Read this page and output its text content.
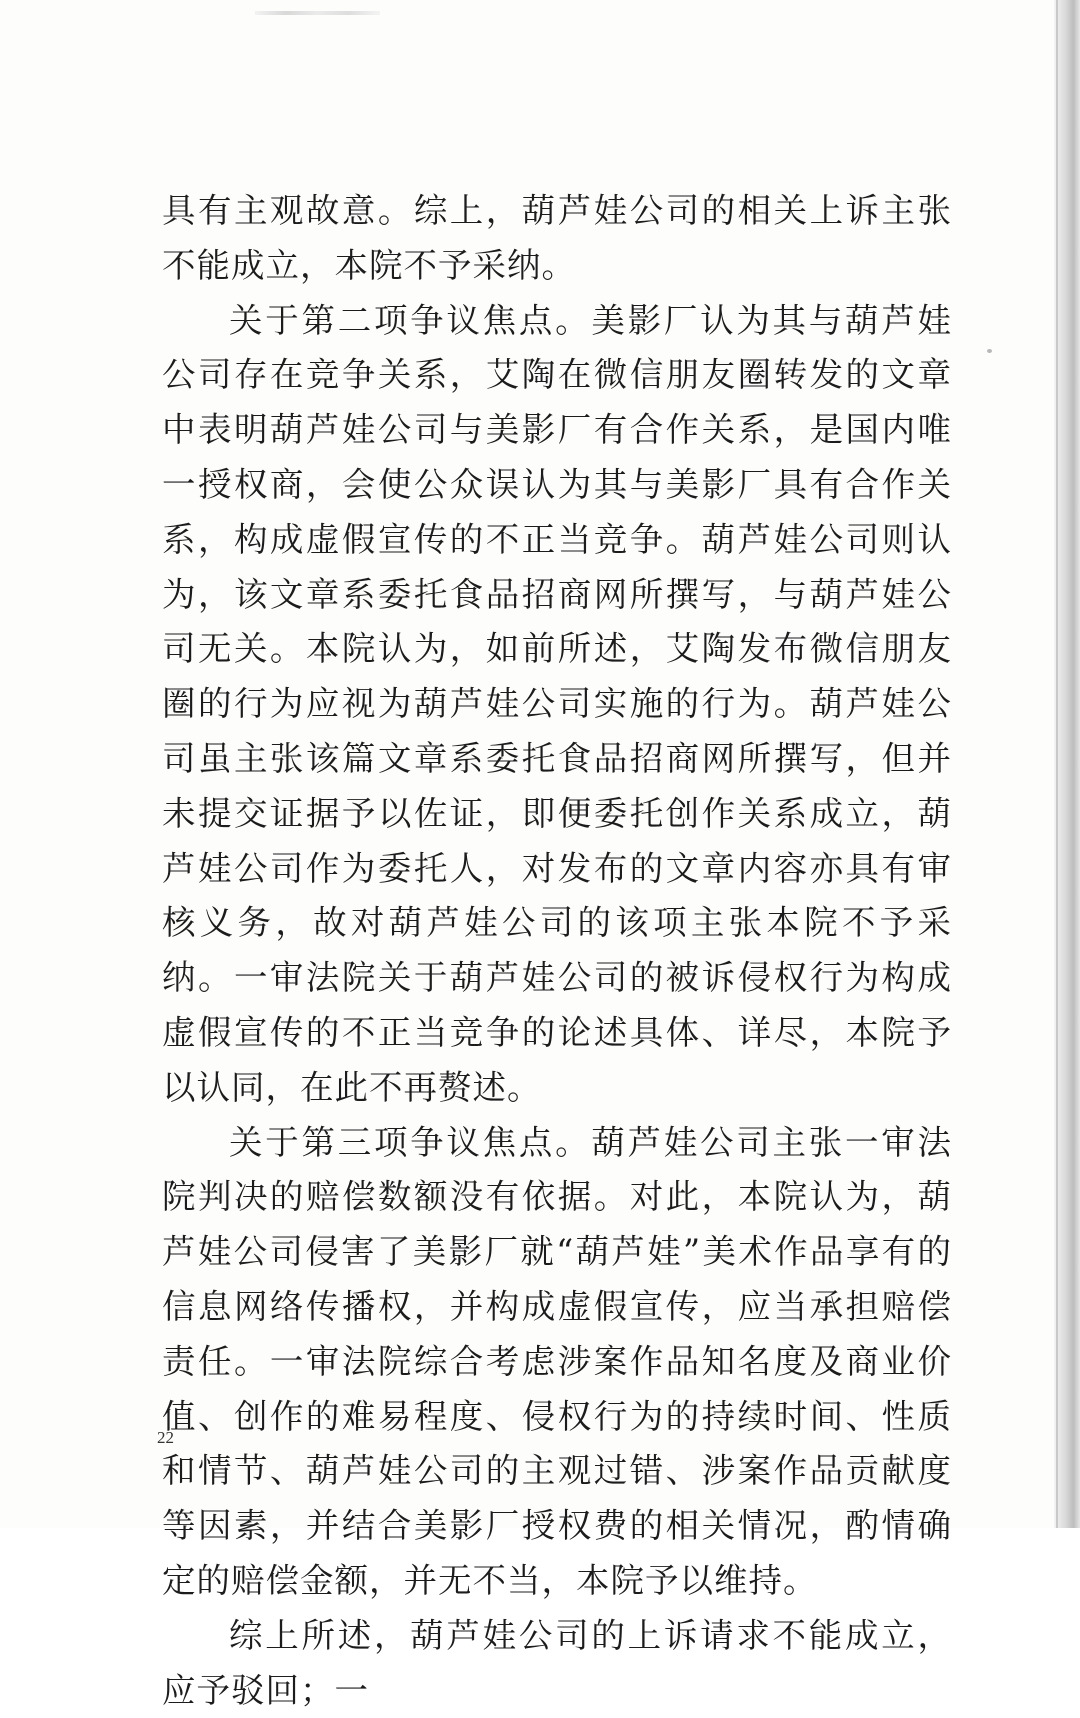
具有主观故意。综上，葫芦娃公司的相关上诉主张不能成立，本院不予采纳。

关于第二项争议焦点。美影厂认为其与葫芦娃公司存在竞争关系，艾陶在微信朋友圈转发的文章中表明葫芦娃公司与美影厂有合作关系，是国内唯一授权商，会使公众误认为其与美影厂具有合作关系，构成虚假宣传的不正当竞争。葫芦娃公司则认为，该文章系委托食品招商网所撰写，与葫芦娃公司无关。本院认为，如前所述，艾陶发布微信朋友圈的行为应视为葫芦娃公司实施的行为。葫芦娃公司虽主张该篇文章系委托食品招商网所撰写，但并未提交证据予以佐证，即便委托创作关系成立，葫芦娃公司作为委托人，对发布的文章内容亦具有审核义务，故对葫芦娃公司的该项主张本院不予采纳。一审法院关于葫芦娃公司的被诉侵权行为构成虚假宣传的不正当竞争的论述具体、详尽，本院予以认同，在此不再赘述。

关于第三项争议焦点。葫芦娃公司主张一审法院判决的赔偿数额没有依据。对此，本院认为，葫芦娃公司侵害了美影厂就“葫芦娃”美术作品享有的信息网络传播权，并构成虚假宣传，应当承担赔偿责任。一审法院综合考虑涉案作品知名度及商业价值、创作的难易程度、侵权行为的持续时间、性质和情节、葫芦娃公司的主观过错、涉案作品贡献度等因素，并结合美影厂授权费的相关情况，酌情确定的赔偿金额，并无不当，本院予以维持。

综上所述，葫芦娃公司的上诉请求不能成立，应予驳回；一

22
